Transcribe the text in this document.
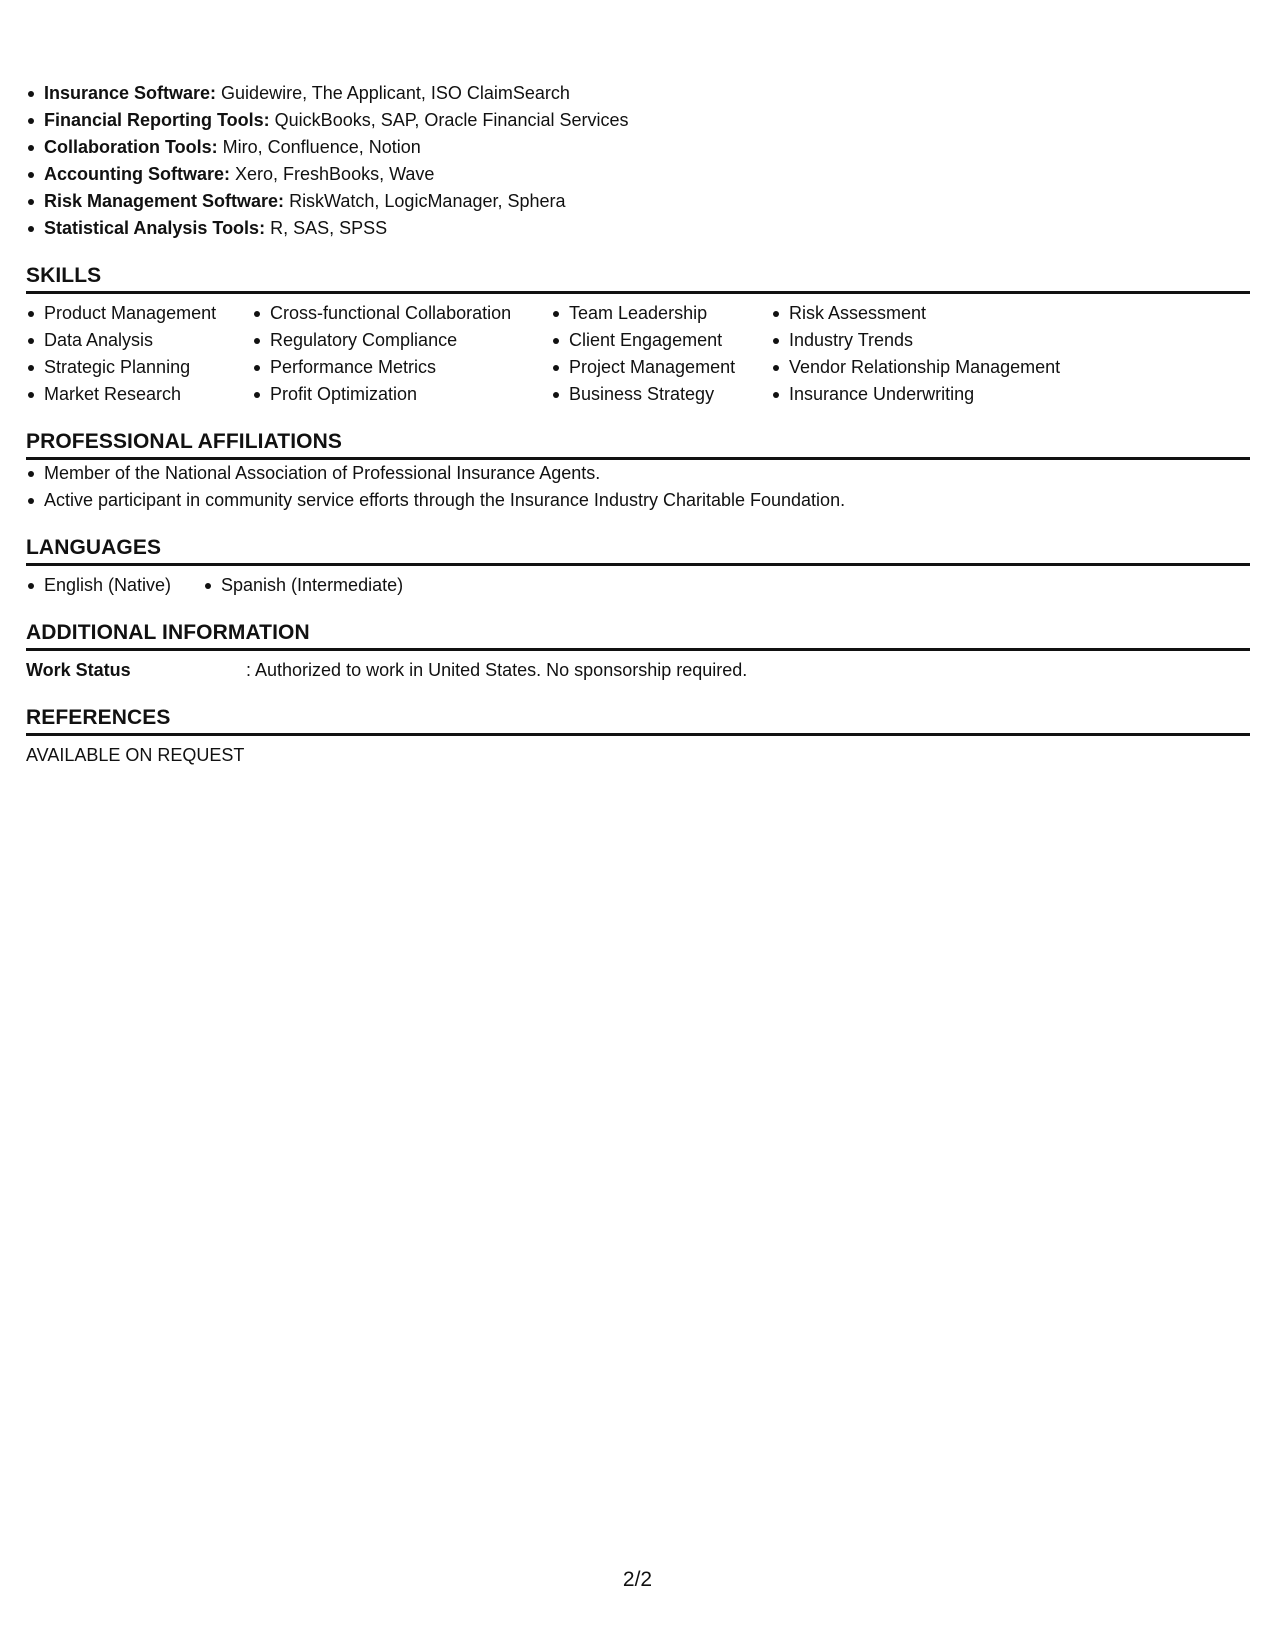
Insurance Software: Guidewire, The Applicant, ISO ClaimSearch
Financial Reporting Tools: QuickBooks, SAP, Oracle Financial Services
Collaboration Tools: Miro, Confluence, Notion
Accounting Software: Xero, FreshBooks, Wave
Risk Management Software: RiskWatch, LogicManager, Sphera
Statistical Analysis Tools: R, SAS, SPSS
SKILLS
Product Management
Data Analysis
Strategic Planning
Market Research
Cross-functional Collaboration
Regulatory Compliance
Performance Metrics
Profit Optimization
Team Leadership
Client Engagement
Project Management
Business Strategy
Risk Assessment
Industry Trends
Vendor Relationship Management
Insurance Underwriting
PROFESSIONAL AFFILIATIONS
Member of the National Association of Professional Insurance Agents.
Active participant in community service efforts through the Insurance Industry Charitable Foundation.
LANGUAGES
English (Native)	Spanish (Intermediate)
ADDITIONAL INFORMATION
Work Status	: Authorized to work in United States. No sponsorship required.
REFERENCES
AVAILABLE ON REQUEST
2/2
